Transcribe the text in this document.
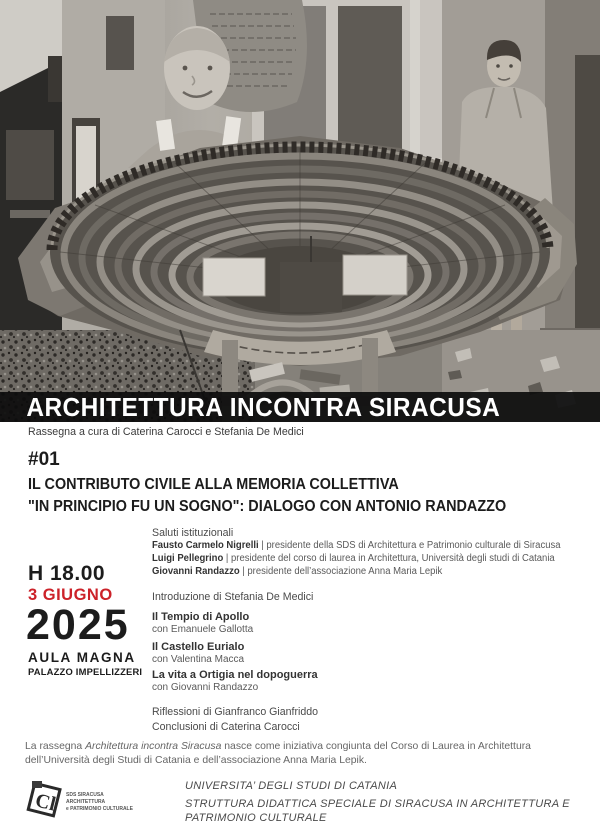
ARCHITETTURA INCONTRA SIRACUSA
Rassegna a cura di Caterina Carocci e Stefania De Medici
#01
IL CONTRIBUTO CIVILE ALLA MEMORIA COLLETTIVA
"IN PRINCIPIO FU UN SOGNO": DIALOGO CON ANTONIO RANDAZZO
H 18.00
3 GIUGNO
2025
AULA MAGNA
PALAZZO IMPELLIZZERI
Saluti istituzionali
Fausto Carmelo Nigrelli | presidente della SDS di Architettura e Patrimonio culturale di Siracusa
Luigi Pellegrino | presidente del corso di laurea in Architettura, Università degli studi di Catania
Giovanni Randazzo | presidente dell’associazione Anna Maria Lepik
Introduzione di Stefania De Medici
Il Tempio di Apollo
con Emanuele Gallotta
Il Castello Eurialo
con Valentina Macca
La vita a Ortigia nel dopoguerra
con Giovanni Randazzo
Riflessioni di Gianfranco Gianfriddo
Conclusioni di Caterina Carocci
La rassegna Architettura incontra Siracusa nasce come iniziativa congiunta del Corso di Laurea in Architettura dell’Università degli Studi di Catania e dell’associazione Anna Maria Lepik.
Cl SDS SIRACUSA
ARCHITETTURA
e PATRIMONIO CULTURALE
UNIVERSITA’ DEGLI STUDI DI CATANIA
STRUTTURA DIDATTICA SPECIALE DI SIRACUSA IN ARCHITETTURA E PATRIMONIO CULTURALE
